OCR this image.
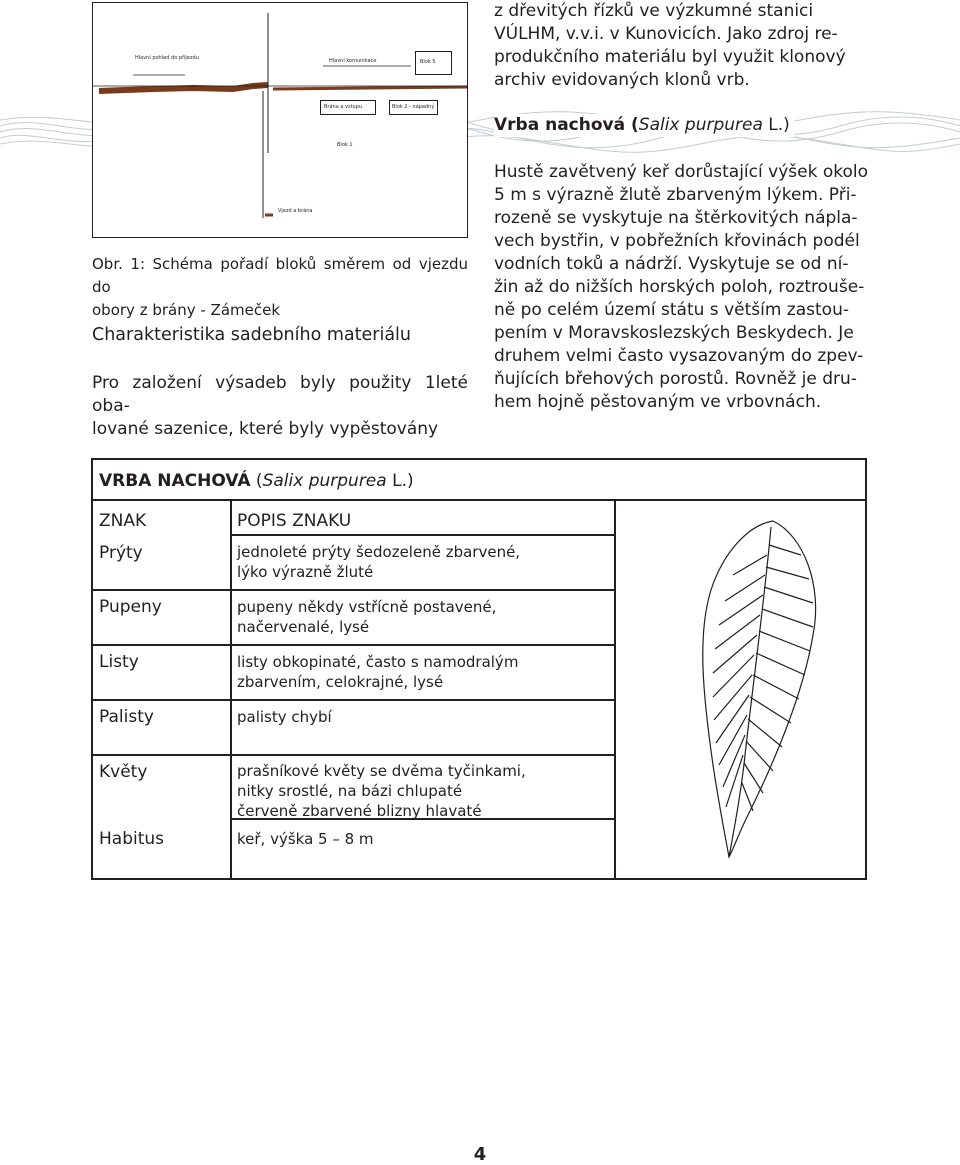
Hlavní pohled do příjezdu	Hlavní komunikace	Blok 5
Brána a vstupu	Blok 2 - nápadný
Blok 1
Vjezd a brána
Obr. 1: Schéma pořadí bloků směrem od vjezdu do
obory z brány - Zámeček
Charakteristika sadebního materiálu
Pro založení výsadeb byly použity 1leté oba-
lované sazenice, které byly vypěstovány
z dřevitých řízků ve výzkumné stanici
VÚLHM, v.v.i. v Kunovicích. Jako zdroj re-
produkčního materiálu byl využit klonový
archiv evidovaných klonů vrb.
Vrba nachová (Salix purpurea L.)
Hustě zavětvený keř dorůstající výšek okolo
5 m s výrazně žlutě zbarveným lýkem. Při-
rozeně se vyskytuje na štěrkovitých nápla-
vech bystřin, v pobřežních křovinách podél
vodních toků a nádrží. Vyskytuje se od ní-
žin až do nižších horských poloh, roztrouše-
ně po celém území státu s větším zastou-
pením v Moravskoslezských Beskydech. Je
druhem velmi často vysazovaným do zpev-
ňujících břehových porostů. Rovněž je dru-
hem hojně pěstovaným ve vrbovnách.
VRBA NACHOVÁ (Salix purpurea L.)
ZNAK	POPIS ZNAKU
Prýty	jednoleté prýty šedozeleně zbarvené,
lýko výrazně žluté
Pupeny	pupeny někdy vstřícně postavené,
načervenalé, lysé
Listy	listy obkopinaté, často s namodralým
zbarvením, celokrajné, lysé
Palisty	palisty chybí
Květy	prašníkové květy se dvěma tyčinkami,
nitky srostlé, na bázi chlupaté
červeně zbarvené blizny hlavaté
Habitus	keř, výška 5 – 8 m
4
